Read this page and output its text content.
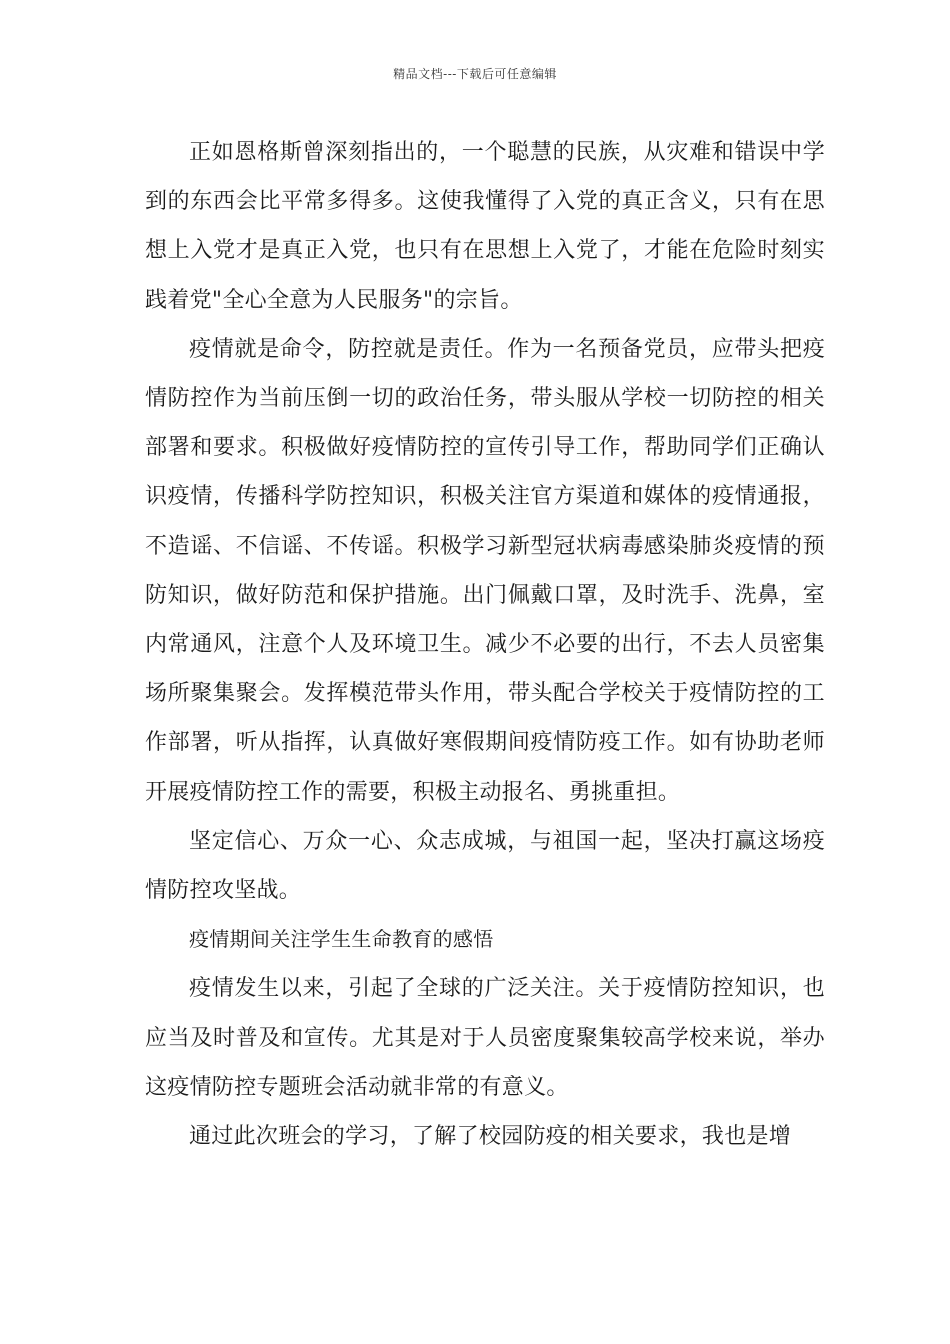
精品文档---下载后可任意编辑

正如恩格斯曾深刻指出的，一个聪慧的民族，从灾难和错误中学到的东西会比平常多得多。这使我懂得了入党的真正含义，只有在思想上入党才是真正入党，也只有在思想上入党了，才能在危险时刻实践着党"全心全意为人民服务"的宗旨。

疫情就是命令，防控就是责任。作为一名预备党员，应带头把疫情防控作为当前压倒一切的政治任务，带头服从学校一切防控的相关部署和要求。积极做好疫情防控的宣传引导工作，帮助同学们正确认识疫情，传播科学防控知识，积极关注官方渠道和媒体的疫情通报，不造谣、不信谣、不传谣。积极学习新型冠状病毒感染肺炎疫情的预防知识，做好防范和保护措施。出门佩戴口罩，及时洗手、洗鼻，室内常通风，注意个人及环境卫生。减少不必要的出行，不去人员密集场所聚集聚会。发挥模范带头作用，带头配合学校关于疫情防控的工作部署，听从指挥，认真做好寒假期间疫情防疫工作。如有协助老师开展疫情防控工作的需要，积极主动报名、勇挑重担。

坚定信心、万众一心、众志成城，与祖国一起，坚决打赢这场疫情防控攻坚战。

疫情期间关注学生生命教育的感悟

疫情发生以来，引起了全球的广泛关注。关于疫情防控知识，也应当及时普及和宣传。尤其是对于人员密度聚集较高学校来说，举办这疫情防控专题班会活动就非常的有意义。

通过此次班会的学习，了解了校园防疫的相关要求，我也是增
